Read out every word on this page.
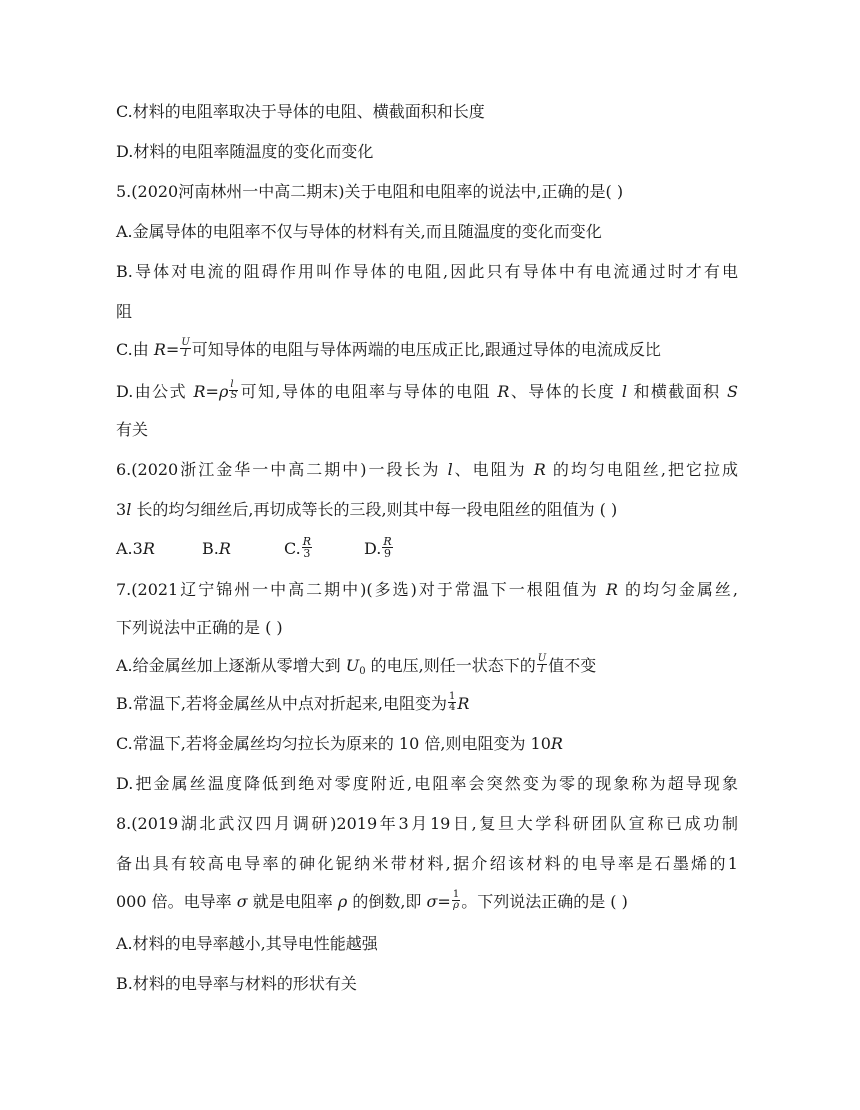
C.材料的电阻率取决于导体的电阻、横截面积和长度
D.材料的电阻率随温度的变化而变化
5.(2020河南林州一中高二期末)关于电阻和电阻率的说法中,正确的是( )
A.金属导体的电阻率不仅与导体的材料有关,而且随温度的变化而变化
B.导体对电流的阻碍作用叫作导体的电阻,因此只有导体中有电流通过时才有电
阻
C.由 $R= \frac{U}{I}$ 可知导体的电阻与导体两端的电压成正比,跟通过导体的电流成反比
D.由公式 $R=\rho \frac{l}{S}$ 可知,导体的电阻率与导体的电阻 R、导体的长度 l 和横截面积 S
有关
6.(2020浙江金华一中高二期中)一段长为 l、电阻为 R 的均匀电阻丝,把它拉成
3l 长的均匀细丝后,再切成等长的三段,则其中每一段电阻丝的阻值为 ( )
A.3R	B.R	C. $\frac{R}{3}$	D. $\frac{R}{9}$
7.(2021辽宁锦州一中高二期中)(多选)对于常温下一根阻值为 R 的均匀金属丝,
下列说法中正确的是 ( )
A.给金属丝加上逐渐从零增大到 $U_0$ 的电压,则任一状态下的 $\frac{U}{I}$ 值不变
B.常温下,若将金属丝从中点对折起来,电阻变为 $\frac{1}{4}$ R
C.常温下,若将金属丝均匀拉长为原来的 10 倍,则电阻变为 10R
D.把金属丝温度降低到绝对零度附近,电阻率会突然变为零的现象称为超导现象
8.(2019湖北武汉四月调研)2019年3月19日,复旦大学科研团队宣称已成功制
备出具有较高电导率的砷化铌纳米带材料,据介绍该材料的电导率是石墨烯的1
000 倍。电导率 σ 就是电阻率 ρ 的倒数,即 $\sigma= \frac{1}{\rho}$ 。下列说法正确的是 ( )
A.材料的电导率越小,其导电性能越强
B.材料的电导率与材料的形状有关
